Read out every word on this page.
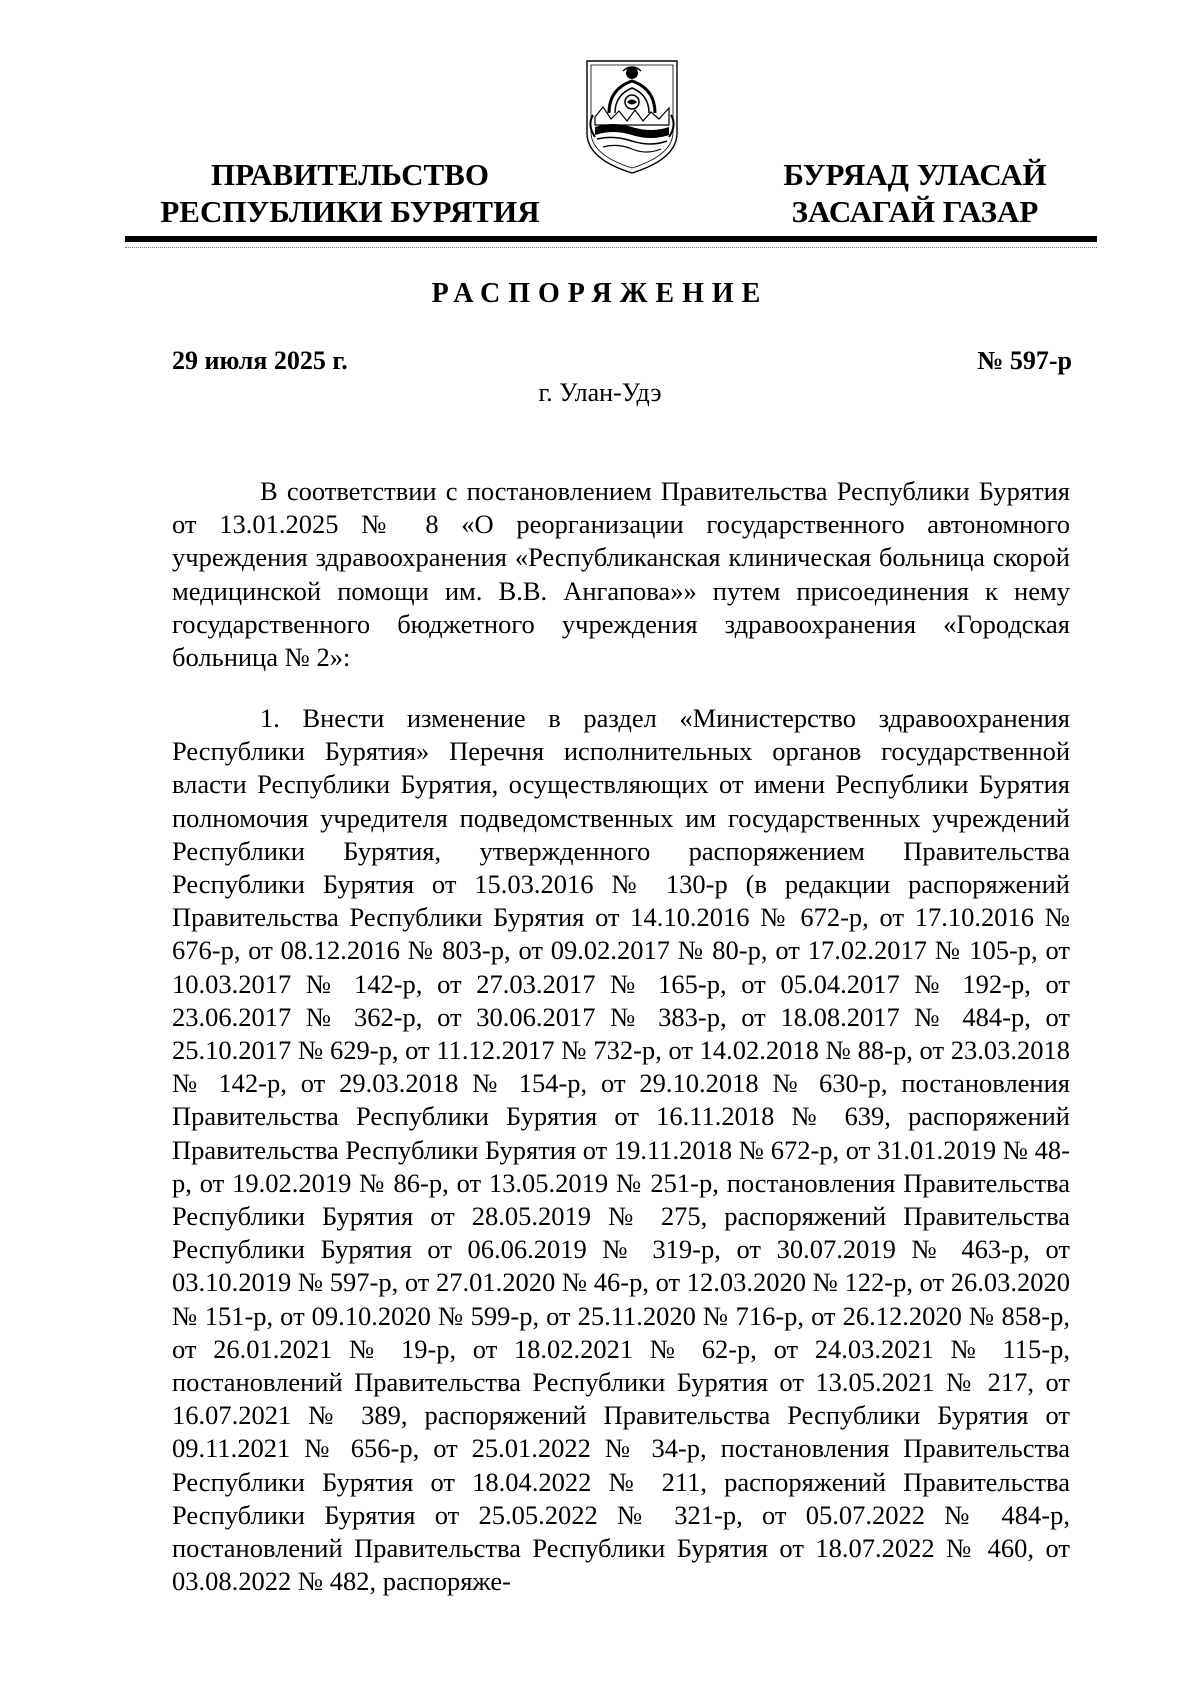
ПРАВИТЕЛЬСТВО
РЕСПУБЛИКИ БУРЯТИЯ
БУРЯАД УЛАСАЙ
ЗАСАГАЙ ГАЗАР
РАСПОРЯЖЕНИЕ
29 июля 2025 г.	№ 597-р
г. Улан-Удэ

В соответствии с постановлением Правительства Республики Бурятия от 13.01.2025 № 8 «О реорганизации государственного автономного учреждения здравоохранения «Республиканская клиническая больница скорой медицинской помощи им. В.В. Ангапова»» путем присоединения к нему государственного бюджетного учреждения здравоохранения «Городская больница № 2»:

1. Внести изменение в раздел «Министерство здравоохранения Республики Бурятия» Перечня исполнительных органов государственной власти Республики Бурятия, осуществляющих от имени Республики Бурятия полномочия учредителя подведомственных им государственных учреждений Республики Бурятия, утвержденного распоряжением Правительства Республики Бурятия от 15.03.2016 № 130-р (в редакции распоряжений Правительства Республики Бурятия от 14.10.2016 № 672-р, от 17.10.2016 № 676-р, от 08.12.2016 № 803-р, от 09.02.2017 № 80-р, от 17.02.2017 № 105-р, от 10.03.2017 № 142-р, от 27.03.2017 № 165-р, от 05.04.2017 № 192-р, от 23.06.2017 № 362-р, от 30.06.2017 № 383-р, от 18.08.2017 № 484-р, от 25.10.2017 № 629-р, от 11.12.2017 № 732-р, от 14.02.2018 № 88-р, от 23.03.2018 № 142-р, от 29.03.2018 № 154-р, от 29.10.2018 № 630-р, постановления Правительства Республики Бурятия от 16.11.2018 № 639, распоряжений Правительства Республики Бурятия от 19.11.2018 № 672-р, от 31.01.2019 № 48-р, от 19.02.2019 № 86-р, от 13.05.2019 № 251-р, постановления Правительства Республики Бурятия от 28.05.2019 № 275, распоряжений Правительства Республики Бурятия от 06.06.2019 № 319-р, от 30.07.2019 № 463-р, от 03.10.2019 № 597-р, от 27.01.2020 № 46-р, от 12.03.2020 № 122-р, от 26.03.2020 № 151-р, от 09.10.2020 № 599-р, от 25.11.2020 № 716-р, от 26.12.2020 № 858-р, от 26.01.2021 № 19-р, от 18.02.2021 № 62-р, от 24.03.2021 № 115-р, постановлений Правительства Республики Бурятия от 13.05.2021 № 217, от 16.07.2021 № 389, распоряжений Правительства Республики Бурятия от 09.11.2021 № 656-р, от 25.01.2022 № 34-р, постановления Правительства Республики Бурятия от 18.04.2022 № 211, распоряжений Правительства Республики Бурятия от 25.05.2022 № 321-р, от 05.07.2022 № 484-р, постановлений Правительства Республики Бурятия от 18.07.2022 № 460, от 03.08.2022 № 482, распоряже-
